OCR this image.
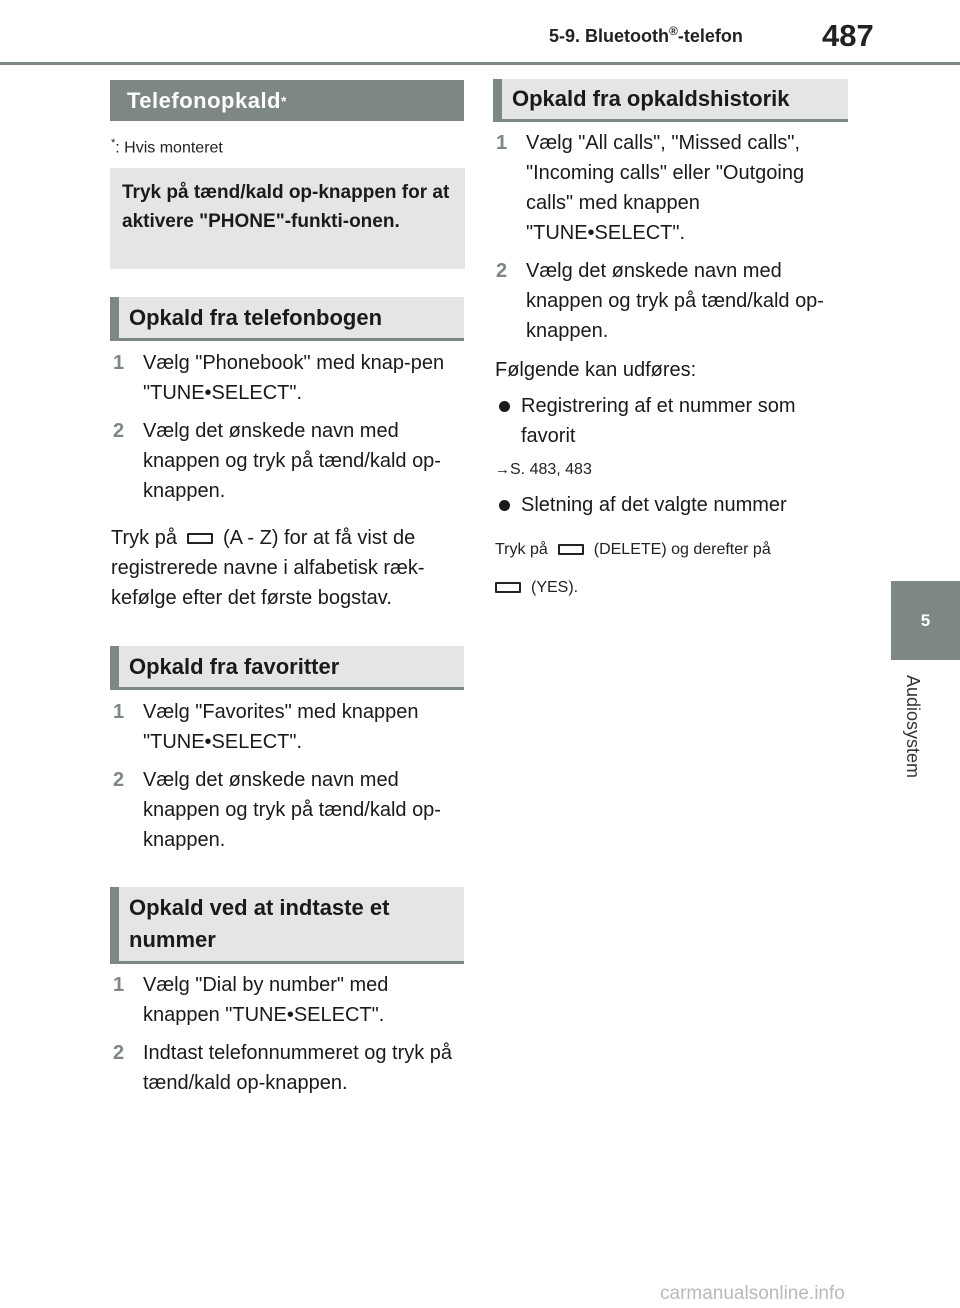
5-9. Bluetooth®-telefon	487
5
Audiosystem
Telefonopkald *
*: Hvis monteret
Tryk på tænd/kald op-knappen for at aktivere "PHONE"-funkti-onen.
Opkald fra telefonbogen
1 Vælg "Phonebook" med knap-pen "TUNE•SELECT".
2 Vælg det ønskede navn med knappen og tryk på tænd/kald op-knappen.
Tryk på (A - Z) for at få vist de
registrerede navne i alfabetisk ræk-
kefølge efter det første bogstav.
Opkald fra favoritter
1 Vælg "Favorites" med knappen "TUNE•SELECT".
2 Vælg det ønskede navn med knappen og tryk på tænd/kald op-knappen.
Opkald ved at indtaste et nummer
1 Vælg "Dial by number" med knappen "TUNE•SELECT".
2 Indtast telefonnummeret og tryk på tænd/kald op-knappen.
Opkald fra opkaldshistorik
1 Vælg "All calls", "Missed calls", "Incoming calls" eller "Outgoing calls" med knappen "TUNE•SELECT".
2 Vælg det ønskede navn med knappen og tryk på tænd/kald op-knappen.
Følgende kan udføres:
Registrering af et nummer som favorit
→S. 483, 483
Sletning af det valgte nummer
Tryk på	(DELETE) og derefter på
(YES).
carmanualsonline.info
